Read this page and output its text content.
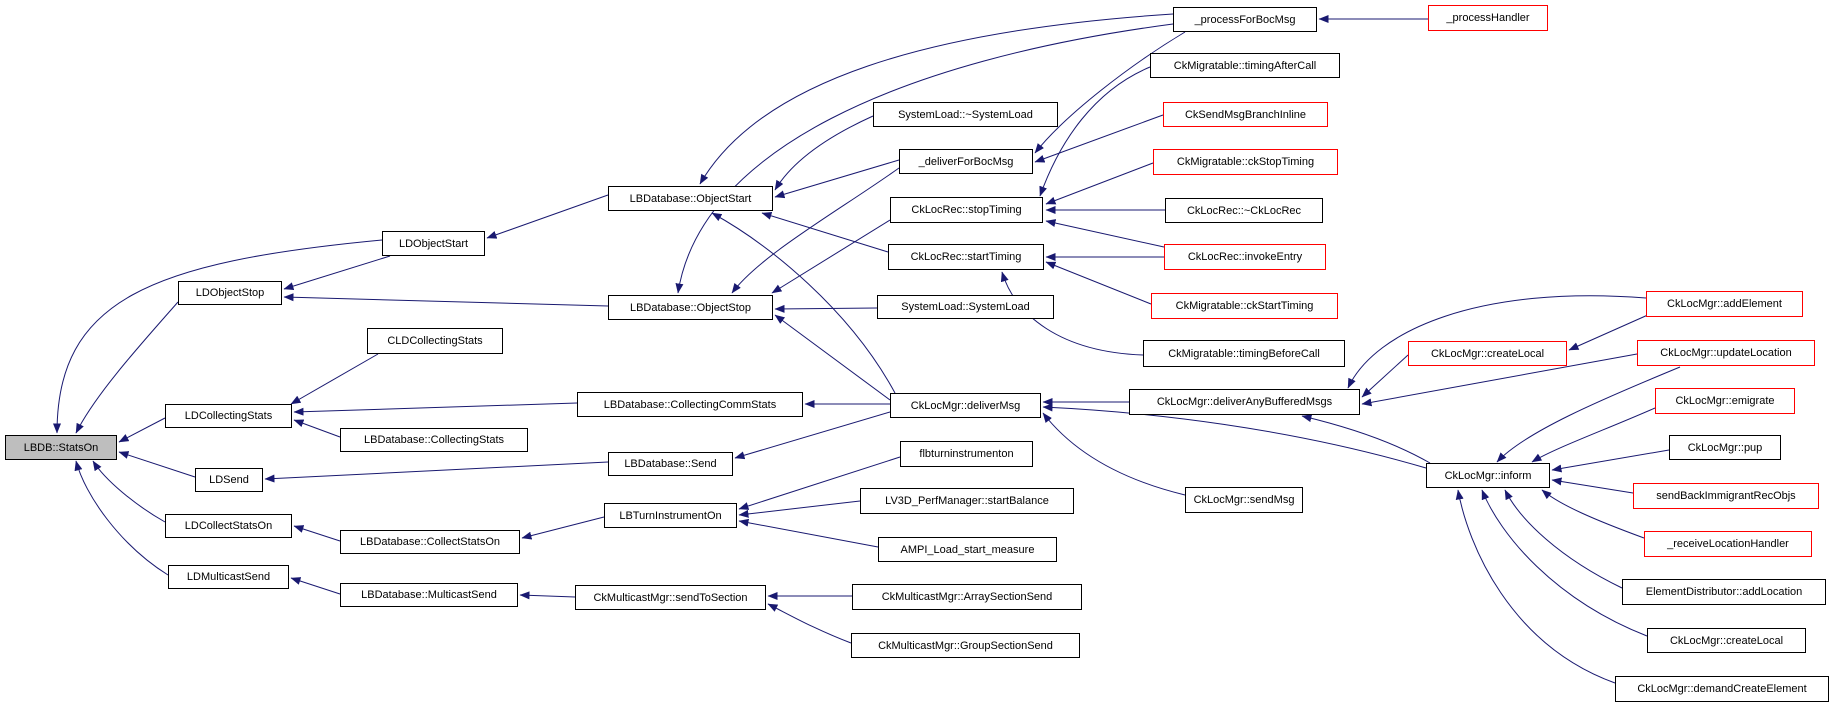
LBDB::StatsOn
LDObjectStart
LDObjectStop
CLDCollectingStats
LDCollectingStats
LDSend
LDCollectStatsOn
LDMulticastSend
LBDatabase::ObjectStart
LBDatabase::ObjectStop
LBDatabase::CollectingCommStats
LBDatabase::CollectingStats
LBDatabase::Send
LBTurnInstrumentOn
LBDatabase::CollectStatsOn
LBDatabase::MulticastSend	CkMulticastMgr::sendToSection
SystemLoad::~SystemLoad
_deliverForBocMsg
CkLocRec::stopTiming
CkLocRec::startTiming
SystemLoad::SystemLoad
CkLocMgr::deliverMsg
flbturninstrumenton
LV3D_PerfManager::startBalance
AMPI_Load_start_measure
CkMulticastMgr::ArraySectionSend
CkMulticastMgr::GroupSectionSend
_processForBocMsg
CkMigratable::timingAfterCall
CkSendMsgBranchInline
CkMigratable::ckStopTiming
CkLocRec::~CkLocRec
CkLocRec::invokeEntry
CkMigratable::ckStartTiming
CkMigratable::timingBeforeCall
CkLocMgr::deliverAnyBufferedMsgs
CkLocMgr::sendMsg
CkLocMgr::addElement
CkLocMgr::createLocal	CkLocMgr::updateLocation
CkLocMgr::emigrate
CkLocMgr::pup
CkLocMgr::inform
sendBackImmigrantRecObjs
_receiveLocationHandler
ElementDistributor::addLocation
CkLocMgr::createLocal
CkLocMgr::demandCreateElement
_processHandler
